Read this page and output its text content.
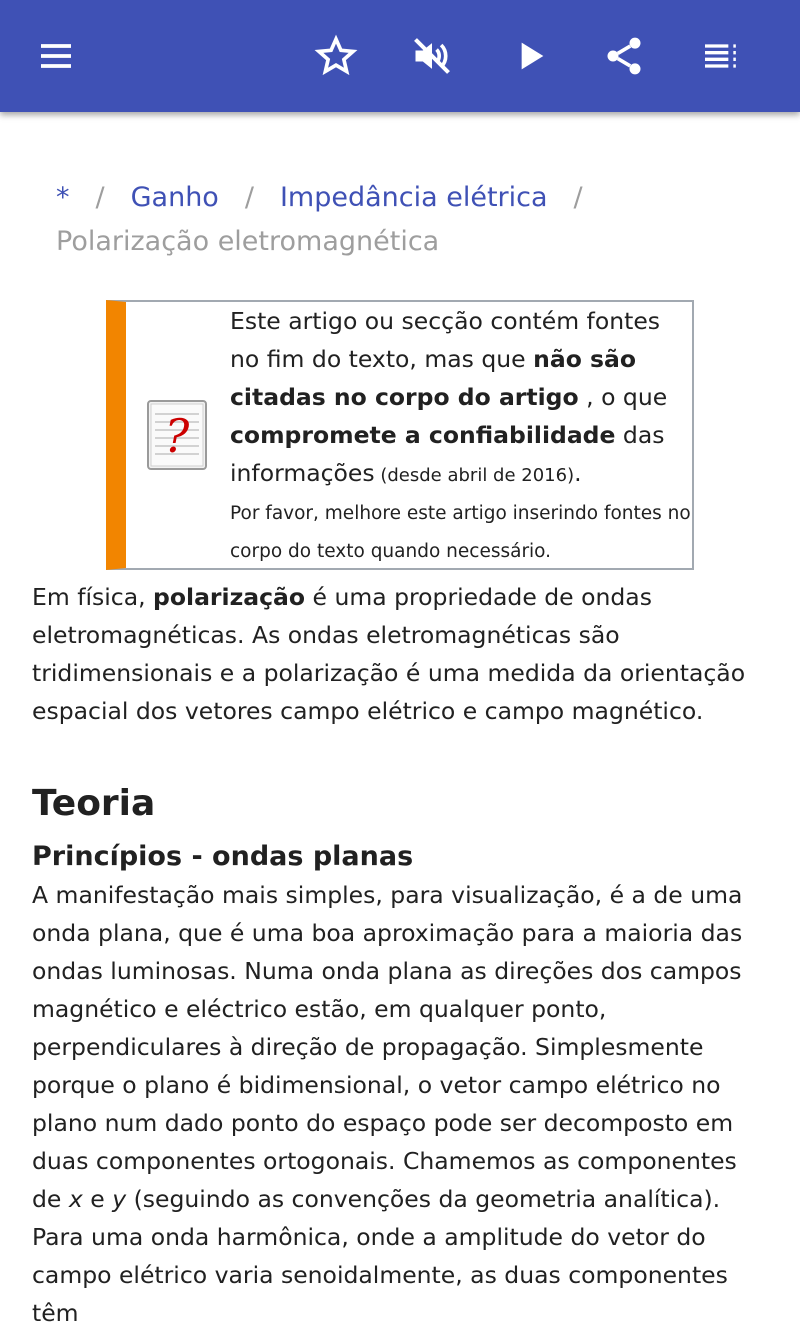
* / Ganho / Impedância elétrica /
Polarização eletromagnética
?
Este artigo ou secção contém fontes no fim do texto, mas que não são citadas no corpo do artigo , o que compromete a confiabilidade das informações (desde abril de 2016).
Por favor, melhore este artigo inserindo fontes no corpo do texto quando necessário.

Em física, polarização é uma propriedade de ondas eletromagnéticas. As ondas eletromagnéticas são tridimensionais e a polarização é uma medida da orientação espacial dos vetores campo elétrico e campo magnético.

Teoria
Princípios - ondas planas

A manifestação mais simples, para visualização, é a de uma onda plana, que é uma boa aproximação para a maioria das ondas luminosas. Numa onda plana as direções dos campos magnético e eléctrico estão, em qualquer ponto, perpendiculares à direção de propagação. Simplesmente porque o plano é bidimensional, o vetor campo elétrico no plano num dado ponto do espaço pode ser decomposto em duas componentes ortogonais. Chamemos as componentes de x e y (seguindo as convenções da geometria analítica). Para uma onda harmônica, onde a amplitude do vetor do campo elétrico varia senoidalmente, as duas componentes têm
